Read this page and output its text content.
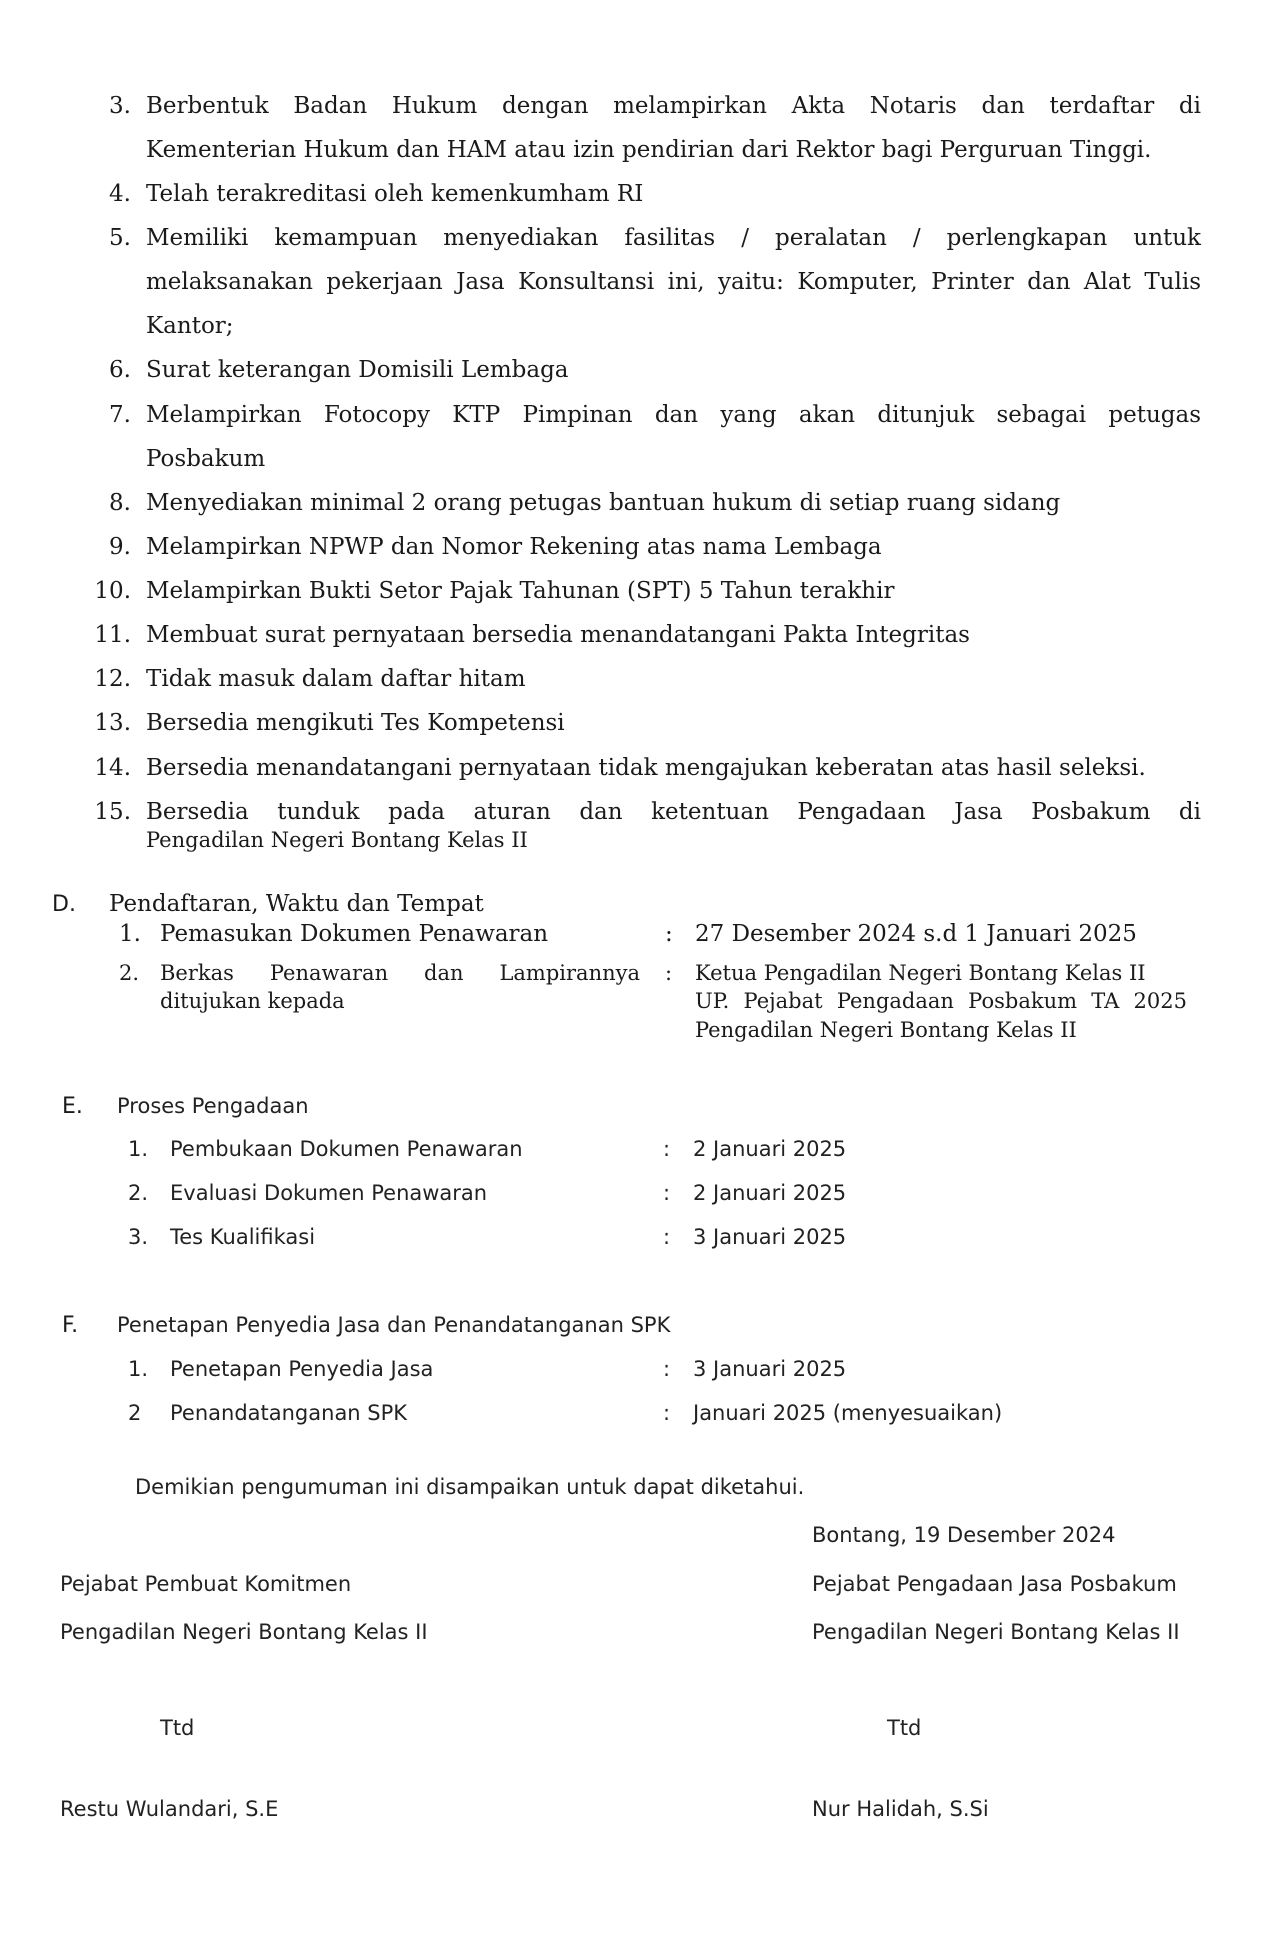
3. Berbentuk Badan Hukum dengan melampirkan Akta Notaris dan terdaftar di
Kementerian Hukum dan HAM atau izin pendirian dari Rektor bagi Perguruan Tinggi.
4. Telah terakreditasi oleh kemenkumham RI
5. Memiliki kemampuan menyediakan fasilitas / peralatan / perlengkapan untuk
melaksanakan pekerjaan Jasa Konsultansi ini, yaitu: Komputer, Printer dan Alat Tulis
Kantor;
6. Surat keterangan Domisili Lembaga
7. Melampirkan Fotocopy KTP Pimpinan dan yang akan ditunjuk sebagai petugas
Posbakum
8. Menyediakan minimal 2 orang petugas bantuan hukum di setiap ruang sidang
9. Melampirkan NPWP dan Nomor Rekening atas nama Lembaga
10. Melampirkan Bukti Setor Pajak Tahunan (SPT) 5 Tahun terakhir
11. Membuat surat pernyataan bersedia menandatangani Pakta Integritas
12. Tidak masuk dalam daftar hitam
13. Bersedia mengikuti Tes Kompetensi
14. Bersedia menandatangani pernyataan tidak mengajukan keberatan atas hasil seleksi.
15. Bersedia tunduk pada aturan dan ketentuan Pengadaan Jasa Posbakum di
Pengadilan Negeri Bontang Kelas II
D. Pendaftaran, Waktu dan Tempat
1. Pemasukan Dokumen Penawaran	: 27 Desember 2024 s.d 1 Januari 2025
2. Berkas Penawaran dan Lampirannya
ditujukan kepada
: Ketua Pengadilan Negeri Bontang Kelas II
UP. Pejabat Pengadaan Posbakum TA 2025
Pengadilan Negeri Bontang Kelas II
E. Proses Pengadaan
1. Pembukaan Dokumen Penawaran	: 2 Januari 2025
2. Evaluasi Dokumen Penawaran	: 2 Januari 2025
3. Tes Kualifikasi	: 3 Januari 2025
F. Penetapan Penyedia Jasa dan Penandatanganan SPK
1. Penetapan Penyedia Jasa	: 3 Januari 2025
2 Penandatanganan SPK	: Januari 2025 (menyesuaikan)
Demikian pengumuman ini disampaikan untuk dapat diketahui.
Bontang, 19 Desember 2024
Pejabat Pembuat Komitmen
Pengadilan Negeri Bontang Kelas II
Ttd
Restu Wulandari, S.E
Pejabat Pengadaan Jasa Posbakum
Pengadilan Negeri Bontang Kelas II
Ttd
Nur Halidah, S.Si
